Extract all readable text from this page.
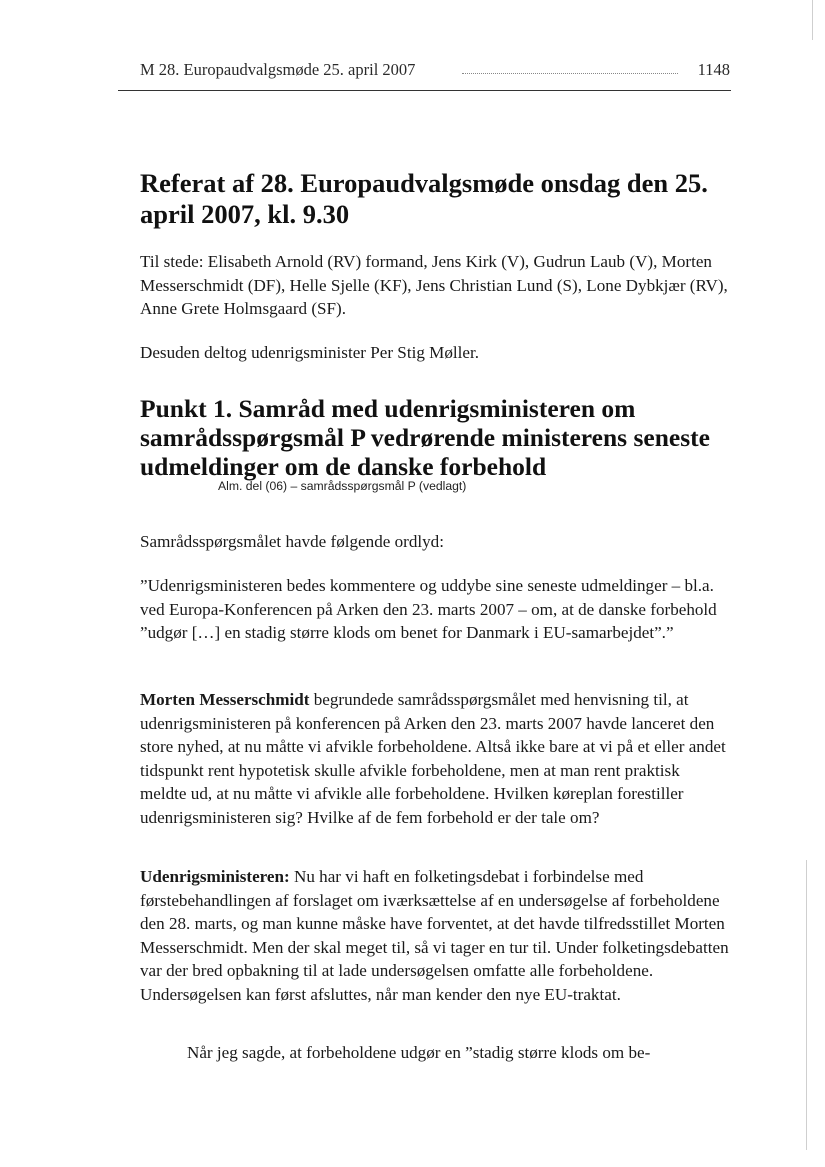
M 28. Europaudvalgsmøde 25. april 2007	1148
Referat af 28. Europaudvalgsmøde onsdag den 25. april 2007, kl. 9.30

Til stede: Elisabeth Arnold (RV) formand, Jens Kirk (V), Gudrun Laub (V), Morten Messerschmidt (DF), Helle Sjelle (KF), Jens Christian Lund (S), Lone Dybkjær (RV), Anne Grete Holmsgaard (SF).

Desuden deltog udenrigsminister Per Stig Møller.

Punkt 1. Samråd med udenrigsministeren om samrådsspørgsmål P vedrørende ministerens seneste udmeldinger om de danske forbehold

Alm. del (06) – samrådsspørgsmål P (vedlagt)

Samrådsspørgsmålet havde følgende ordlyd:

”Udenrigsministeren bedes kommentere og uddybe sine seneste udmeldinger – bl.a. ved Europa-Konferencen på Arken den 23. marts 2007 – om, at de danske forbehold ”udgør […] en stadig større klods om benet for Danmark i EU-samarbejdet”.”

Morten Messerschmidt begrundede samrådsspørgsmålet med henvisning til, at udenrigsministeren på konferencen på Arken den 23. marts 2007 havde lanceret den store nyhed, at nu måtte vi afvikle forbeholdene. Altså ikke bare at vi på et eller andet tidspunkt rent hypotetisk skulle afvikle forbeholdene, men at man rent praktisk meldte ud, at nu måtte vi afvikle alle forbeholdene. Hvilken køreplan forestiller udenrigsministeren sig? Hvilke af de fem forbehold er der tale om?

Udenrigsministeren: Nu har vi haft en folketingsdebat i forbindelse med førstebehandlingen af forslaget om iværksættelse af en undersøgelse af forbeholdene den 28. marts, og man kunne måske have forventet, at det havde tilfredsstillet Morten Messerschmidt. Men der skal meget til, så vi tager en tur til. Under folketingsdebatten var der bred opbakning til at lade undersøgelsen omfatte alle forbeholdene. Undersøgelsen kan først afsluttes, når man kender den nye EU-traktat.

Når jeg sagde, at forbeholdene udgør en ”stadig større klods om be-
